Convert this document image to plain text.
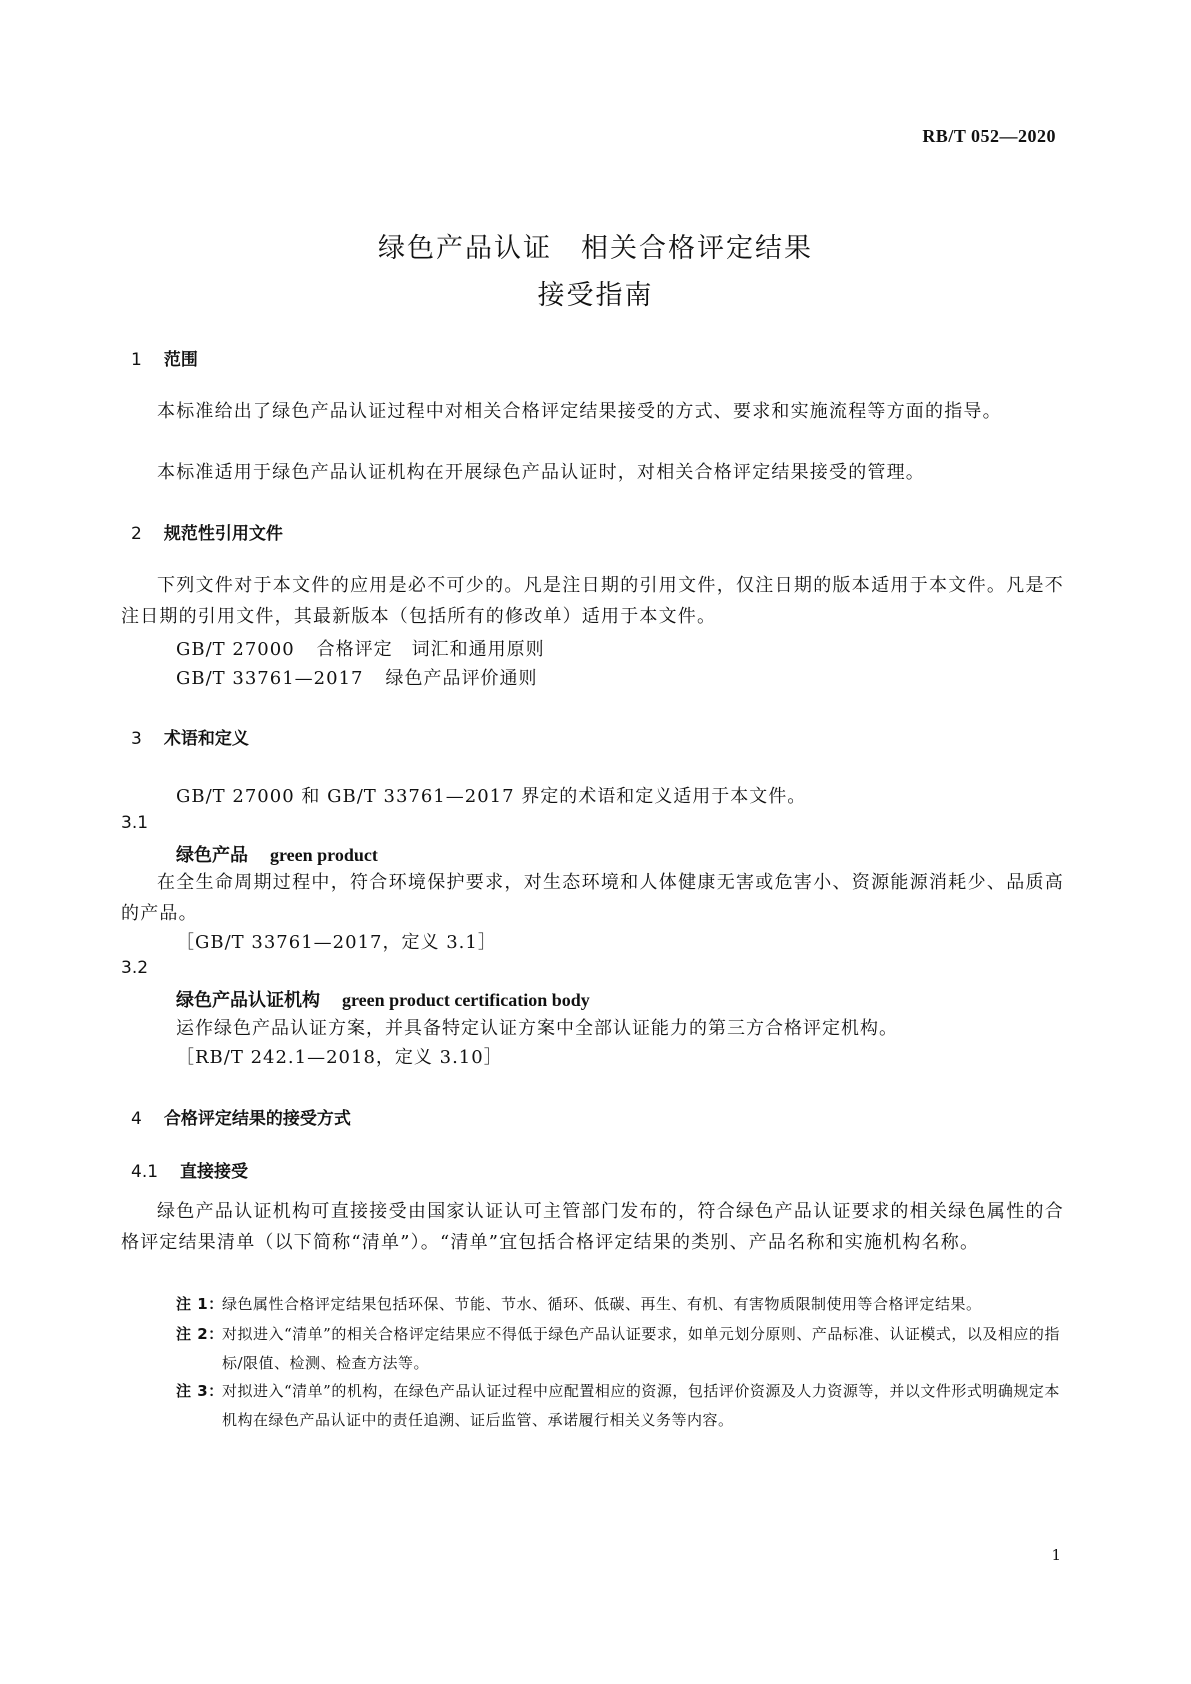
RB/T 052—2020
绿色产品认证　相关合格评定结果
接受指南
1 范围
本标准给出了绿色产品认证过程中对相关合格评定结果接受的方式、要求和实施流程等方面的指导。
本标准适用于绿色产品认证机构在开展绿色产品认证时，对相关合格评定结果接受的管理。
2 规范性引用文件
下列文件对于本文件的应用是必不可少的。凡是注日期的引用文件，仅注日期的版本适用于本文件。凡是不注日期的引用文件，其最新版本（包括所有的修改单）适用于本文件。
GB/T 27000 合格评定　词汇和通用原则
GB/T 33761—2017 绿色产品评价通则
3 术语和定义
GB/T 27000 和 GB/T 33761—2017 界定的术语和定义适用于本文件。
3.1
绿色产品 green product
在全生命周期过程中，符合环境保护要求，对生态环境和人体健康无害或危害小、资源能源消耗少、品质高的产品。
［GB/T 33761—2017，定义 3.1］
3.2
绿色产品认证机构 green product certification body
运作绿色产品认证方案，并具备特定认证方案中全部认证能力的第三方合格评定机构。
［RB/T 242.1—2018，定义 3.10］
4 合格评定结果的接受方式
4.1 直接接受
绿色产品认证机构可直接接受由国家认证认可主管部门发布的，符合绿色产品认证要求的相关绿色属性的合格评定结果清单（以下简称“清单”）。“清单”宜包括合格评定结果的类别、产品名称和实施机构名称。
注 1：
绿色属性合格评定结果包括环保、节能、节水、循环、低碳、再生、有机、有害物质限制使用等合格评定结果。
注 2：
对拟进入“清单”的相关合格评定结果应不得低于绿色产品认证要求，如单元划分原则、产品标准、认证模式，以及相应的指标/限值、检测、检查方法等。
注 3：
对拟进入“清单”的机构，在绿色产品认证过程中应配置相应的资源，包括评价资源及人力资源等，并以文件形式明确规定本机构在绿色产品认证中的责任追溯、证后监管、承诺履行相关义务等内容。
1
